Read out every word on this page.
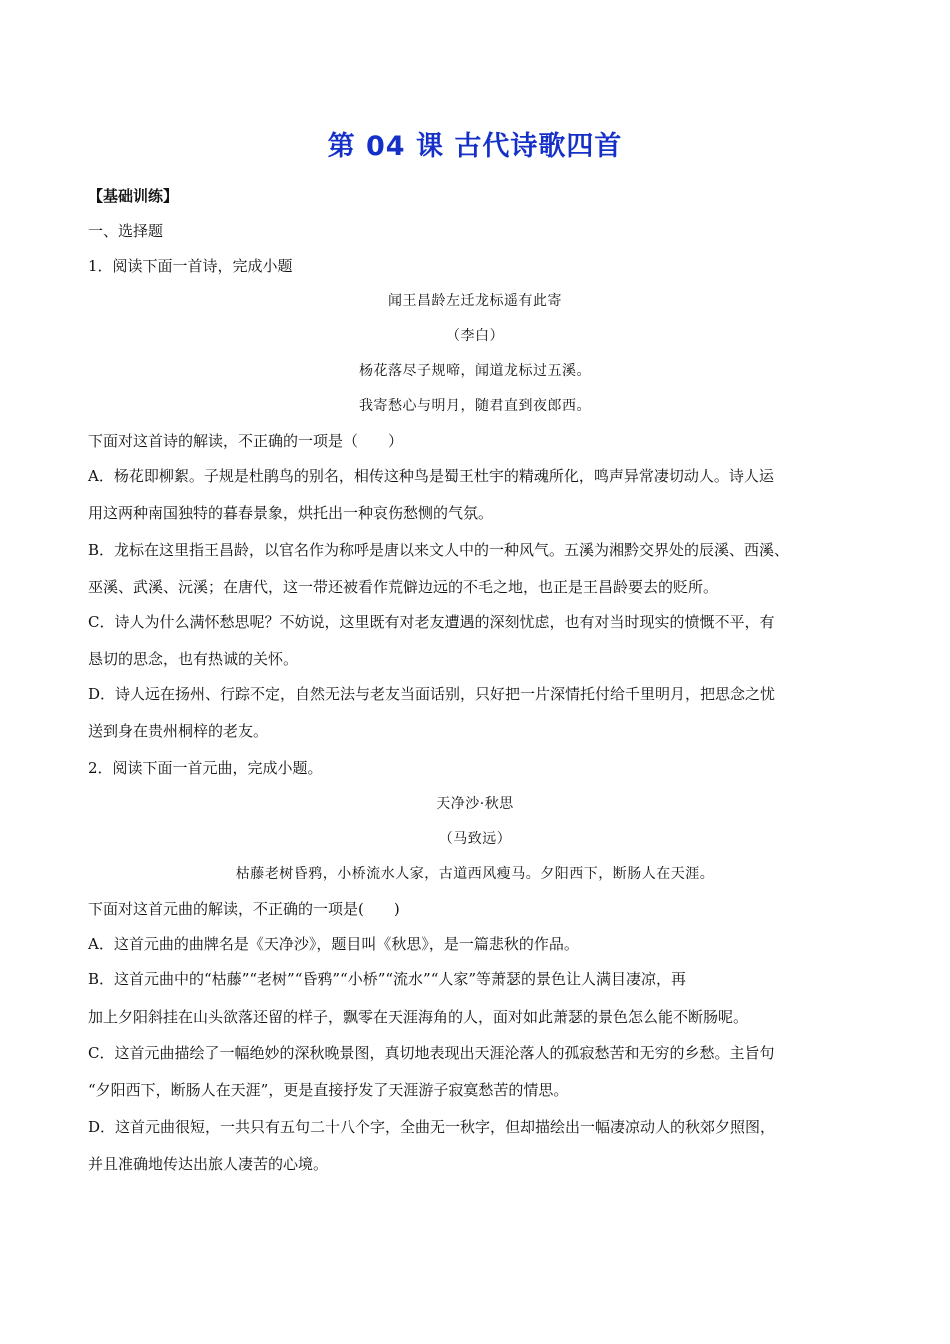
第 04 课 古代诗歌四首
【基础训练】
一、选择题
1．阅读下面一首诗，完成小题
闻王昌龄左迁龙标遥有此寄
（李白）
杨花落尽子规啼，闻道龙标过五溪。
我寄愁心与明月，随君直到夜郎西。
下面对这首诗的解读，不正确的一项是（　　）
A．杨花即柳絮。子规是杜鹃鸟的别名，相传这种鸟是蜀王杜宇的精魂所化，鸣声异常凄切动人。诗人运
用这两种南国独特的暮春景象，烘托出一种哀伤愁恻的气氛。
B．龙标在这里指王昌龄，以官名作为称呼是唐以来文人中的一种风气。五溪为湘黔交界处的辰溪、西溪、
巫溪、武溪、沅溪；在唐代，这一带还被看作荒僻边远的不毛之地，也正是王昌龄要去的贬所。
C．诗人为什么满怀愁思呢？不妨说，这里既有对老友遭遇的深刻忧虑，也有对当时现实的愤慨不平，有
恳切的思念，也有热诚的关怀。
D．诗人远在扬州、行踪不定，自然无法与老友当面话别，只好把一片深情托付给千里明月，把思念之忧
送到身在贵州桐梓的老友。
2．阅读下面一首元曲，完成小题。
天净沙·秋思
（马致远）
枯藤老树昏鸦，小桥流水人家，古道西风瘦马。夕阳西下，断肠人在天涯。
下面对这首元曲的解读，不正确的一项是(　　)
A．这首元曲的曲牌名是《天净沙》，题目叫《秋思》，是一篇悲秋的作品。
B．这首元曲中的“枯藤”“老树”“昏鸦”“小桥”“流水”“人家”等萧瑟的景色让人满目凄凉，再
加上夕阳斜挂在山头欲落还留的样子，飘零在天涯海角的人，面对如此萧瑟的景色怎么能不断肠呢。
C．这首元曲描绘了一幅绝妙的深秋晚景图，真切地表现出天涯沦落人的孤寂愁苦和无穷的乡愁。主旨句
“夕阳西下，断肠人在天涯”，更是直接抒发了天涯游子寂寞愁苦的情思。
D．这首元曲很短，一共只有五句二十八个字，全曲无一秋字，但却描绘出一幅凄凉动人的秋郊夕照图，
并且准确地传达出旅人凄苦的心境。
